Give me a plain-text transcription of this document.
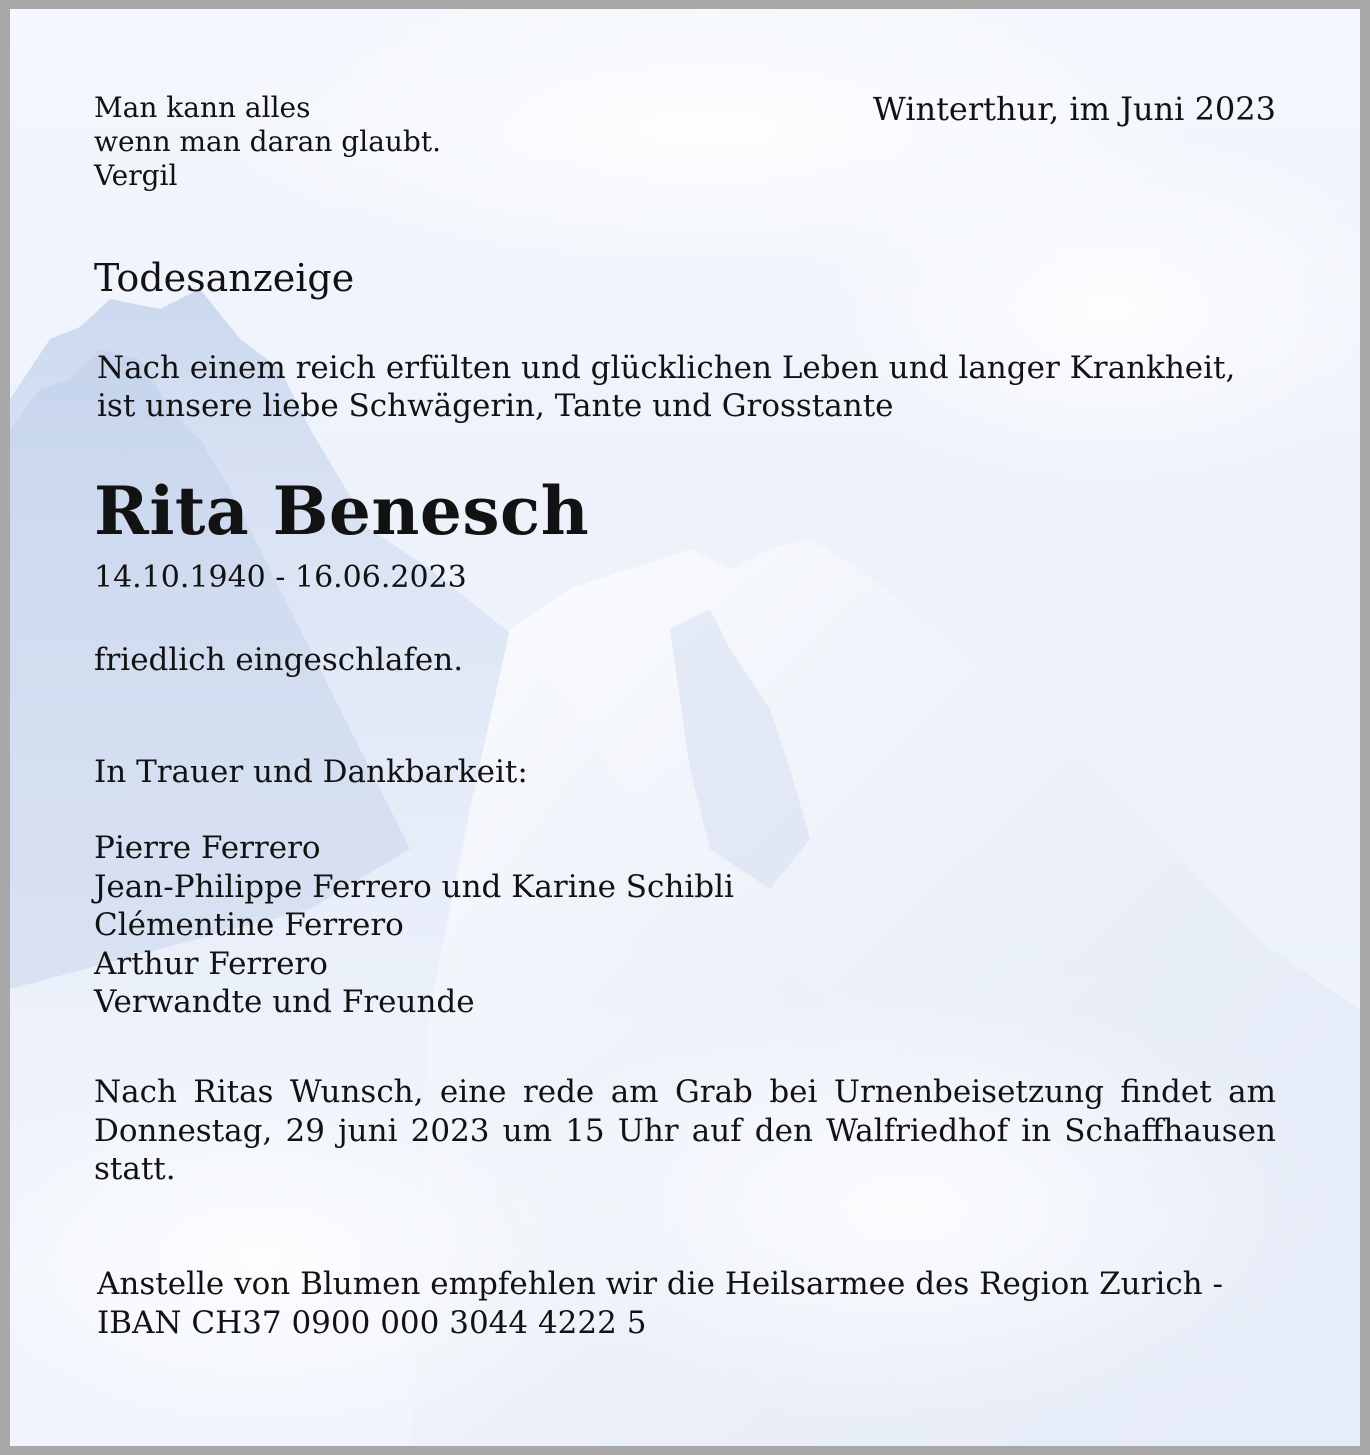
Man kann alles
wenn man daran glaubt.
Vergil
Winterthur, im Juni 2023
Todesanzeige
Nach einem reich erfülten und glücklichen Leben und langer Krankheit,
ist unsere liebe Schwägerin, Tante und Grosstante
Rita Benesch
14.10.1940 - 16.06.2023
friedlich eingeschlafen.
In Trauer und Dankbarkeit:
Pierre Ferrero
Jean-Philippe Ferrero und Karine Schibli
Clémentine Ferrero
Arthur Ferrero
Verwandte und Freunde
Nach Ritas Wunsch, eine rede am Grab bei Urnenbeisetzung findet am Donnestag, 29 juni 2023 um 15 Uhr auf den Walfriedhof in Schaffhausen statt.
Anstelle von Blumen empfehlen wir die Heilsarmee des Region Zurich -
IBAN CH37 0900 000 3044 4222 5
